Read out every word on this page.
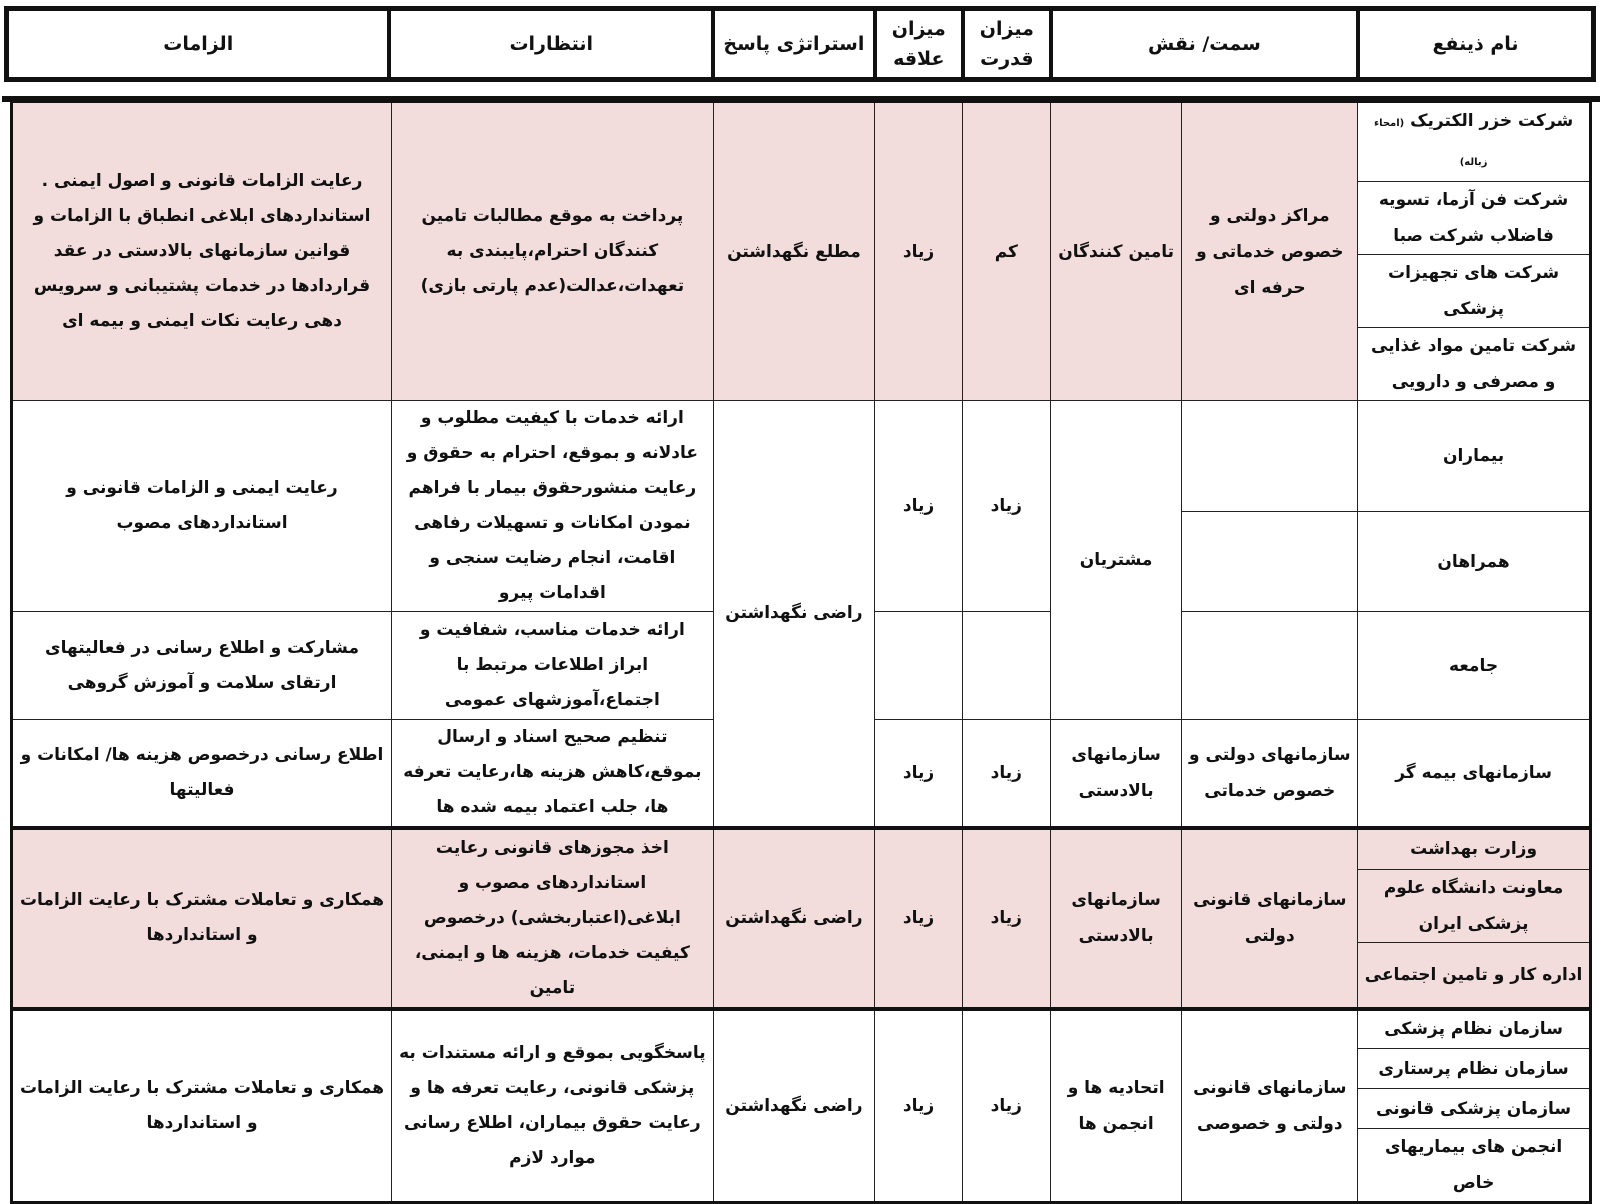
نام ذینفع	سمت/ نقش	میزان قدرت	میزان علاقه	استراتژی پاسخ	انتظارات	الزامات
شرکت خزر الکتریک (امحاء زباله)	مراکز دولتی و خصوص خدماتی و حرفه ای	تامین کنندگان	کم	زیاد	مطلع نگهداشتن	پرداخت به موقع مطالبات تامین کنندگان احترام،پایبندی به تعهدات،عدالت(عدم پارتی بازی)	رعایت الزامات قانونی و اصول ایمنی . استانداردهای ابلاغی انطباق با الزامات و قوانین سازمانهای بالادستی در عقد قراردادها در خدمات پشتیبانی و سرویس دهی رعایت نکات ایمنی و بیمه ای
شرکت فن آزما، تسویه فاضلاب شرکت صبا							
شرکت های تجهیزات پزشکی							
شرکت تامین مواد غذایی و مصرفی و دارویی							
بیماران		مشتریان	زیاد	زیاد	راضی نگهداشتن	ارائه خدمات با کیفیت مطلوب و عادلانه و بموقع، احترام به حقوق و رعایت منشورحقوق بیمار با فراهم نمودن امکانات و تسهیلات رفاهی اقامت، انجام رضایت سنجی و اقدامات پیرو	رعایت ایمنی و الزامات قانونی و استانداردهای مصوب
همراهان							
جامعه						ارائه خدمات مناسب، شفافیت و ابراز اطلاعات مرتبط با اجتماع،آموزشهای عمومی	مشارکت و اطلاع رسانی در فعالیتهای ارتقای سلامت و آموزش گروهی
سازمانهای بیمه گر	سازمانهای دولتی و خصوص خدماتی	سازمانهای بالادستی	زیاد	زیاد		تنظیم صحیح اسناد و ارسال بموقع،کاهش هزینه ها،رعایت تعرفه ها، جلب اعتماد بیمه شده ها	اطلاع رسانی درخصوص هزینه ها/ امکانات و فعالیتها
وزارت بهداشت	سازمانهای قانونی دولتی	سازمانهای بالادستی	زیاد	زیاد	راضی نگهداشتن	اخذ مجوزهای قانونی رعایت استانداردهای مصوب و ابلاغی(اعتباربخشی) درخصوص کیفیت خدمات، هزینه ها و ایمنی، تامین	همکاری و تعاملات مشترک با رعایت الزامات و استانداردها
معاونت دانشگاه علوم پزشکی ایران							
اداره کار و تامین اجتماعی							
سازمان نظام پزشکی	سازمانهای قانونی دولتی و خصوصی	اتحادیه ها و انجمن ها	زیاد	زیاد	راضی نگهداشتن	پاسخگویی بموقع و ارائه مستندات به پزشکی قانونی، رعایت تعرفه ها و رعایت حقوق بیماران، اطلاع رسانی موارد لازم	همکاری و تعاملات مشترک با رعایت الزامات و استانداردها
سازمان نظام پرستاری							
سازمان پزشکی قانونی							
انجمن های بیماریهای خاص							
